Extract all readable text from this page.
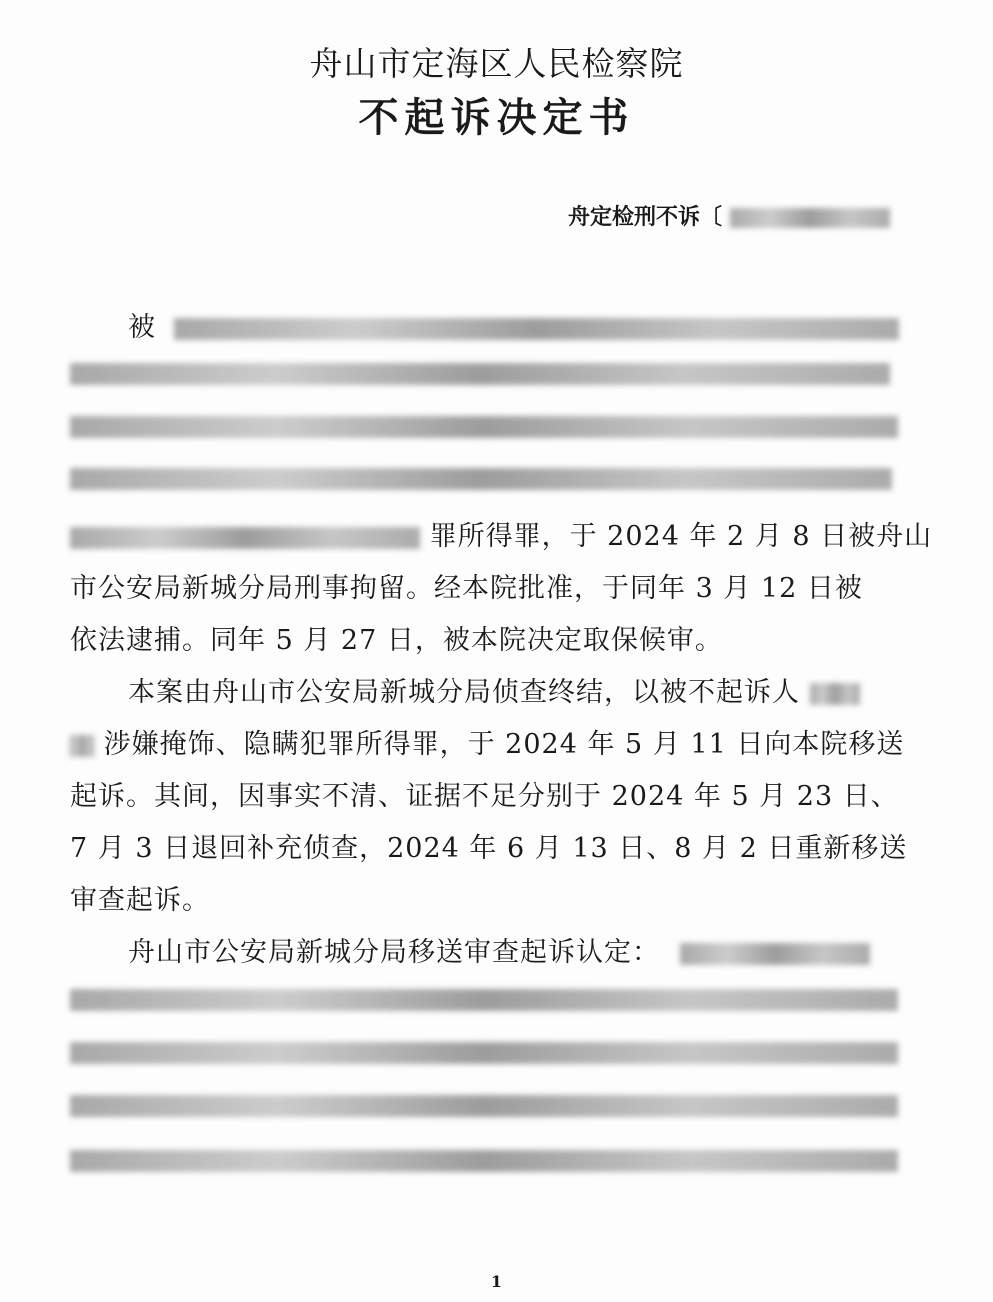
舟山市定海区人民检察院
不起诉决定书
舟定检刑不诉〔
被
罪所得罪，于 2024 年 2 月 8 日被舟山
市公安局新城分局刑事拘留。经本院批准，于同年 3 月 12 日被
依法逮捕。同年 5 月 27 日，被本院决定取保候审。
本案由舟山市公安局新城分局侦查终结，以被不起诉人
涉嫌掩饰、隐瞒犯罪所得罪，于 2024 年 5 月 11 日向本院移送
起诉。其间，因事实不清、证据不足分别于 2024 年 5 月 23 日、
7 月 3 日退回补充侦查，2024 年 6 月 13 日、8 月 2 日重新移送
审查起诉。
舟山市公安局新城分局移送审查起诉认定：
1
